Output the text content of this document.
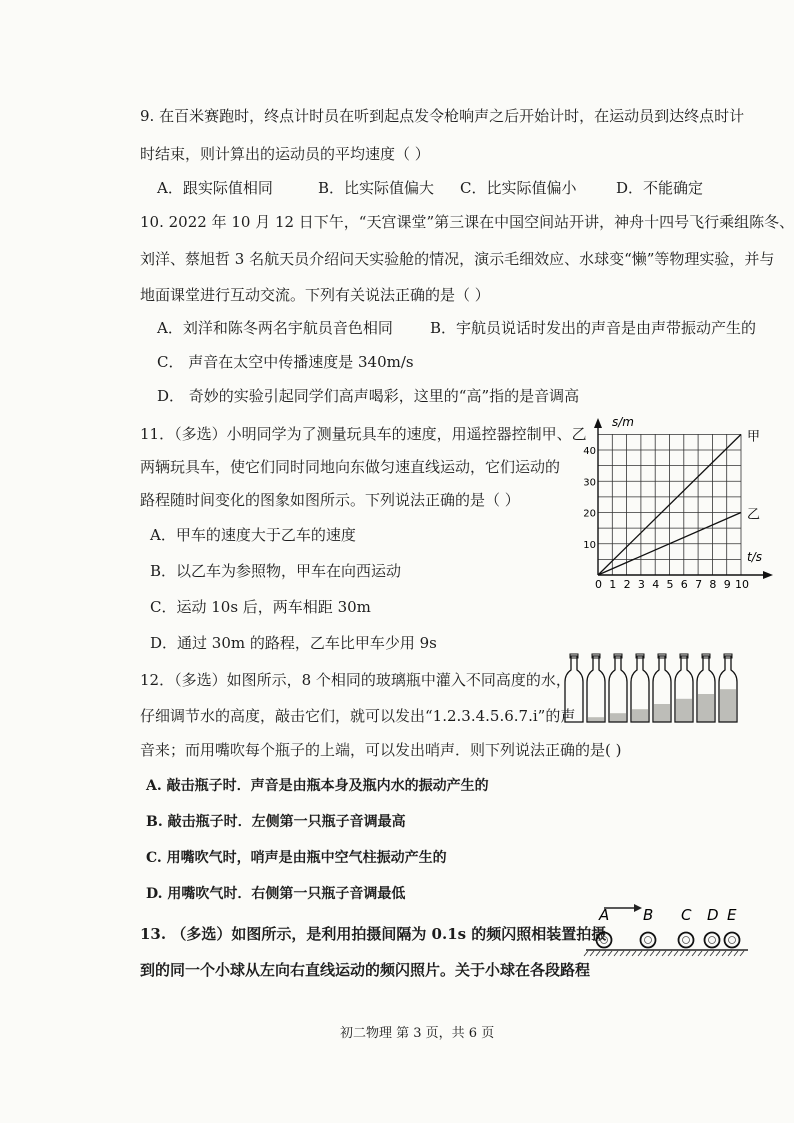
9. 在百米赛跑时，终点计时员在听到起点发令枪响声之后开始计时，在运动员到达终点时计
时结束，则计算出的运动员的平均速度（ ）
A．跟实际值相同	B．比实际值偏大 C．比实际值偏小	D．不能确定
10. 2022 年 10 月 12 日下午，“天宫课堂”第三课在中国空间站开讲，神舟十四号飞行乘组陈冬、
刘洋、蔡旭哲 3 名航天员介绍问天实验舱的情况，演示毛细效应、水球变“懒”等物理实验，并与
地面课堂进行互动交流。下列有关说法正确的是（ ）
A．刘洋和陈冬两名宇航员音色相同 B．宇航员说话时发出的声音是由声带振动产生的
C． 声音在太空中传播速度是 340m/s
D． 奇妙的实验引起同学们高声喝彩，这里的“高”指的是音调高
11．（多选）小明同学为了测量玩具车的速度，用遥控器控制甲、乙
两辆玩具车，使它们同时同地向东做匀速直线运动，它们运动的
路程随时间变化的图象如图所示。下列说法正确的是（ ）
A．甲车的速度大于乙车的速度
B．以乙车为参照物，甲车在向西运动
C．运动 10s 后，两车相距 30m
D．通过 30m 的路程，乙车比甲车少用 9s
s/m
t/s
0 1 2 3 4 5 6 7 8 9 10
10
20
30
40
甲
乙
12．（多选）如图所示，8 个相同的玻璃瓶中灌入不同高度的水，
仔细调节水的高度，敲击它们，就可以发出“1.2.3.4.5.6.7.i”的声
音来；而用嘴吹每个瓶子的上端，可以发出哨声．则下列说法正确的是( )
A. 敲击瓶子时．声音是由瓶本身及瓶内水的振动产生的
B. 敲击瓶子时．左侧第一只瓶子音调最高
C. 用嘴吹气时，哨声是由瓶中空气柱振动产生的
D. 用嘴吹气时．右侧第一只瓶子音调最低
13. （多选）如图所示，是利用拍摄间隔为 0.1s 的频闪照相装置拍摄
到的同一个小球从左向右直线运动的频闪照片。关于小球在各段路程
A B C D E
初二物理 第 3 页，共 6 页
